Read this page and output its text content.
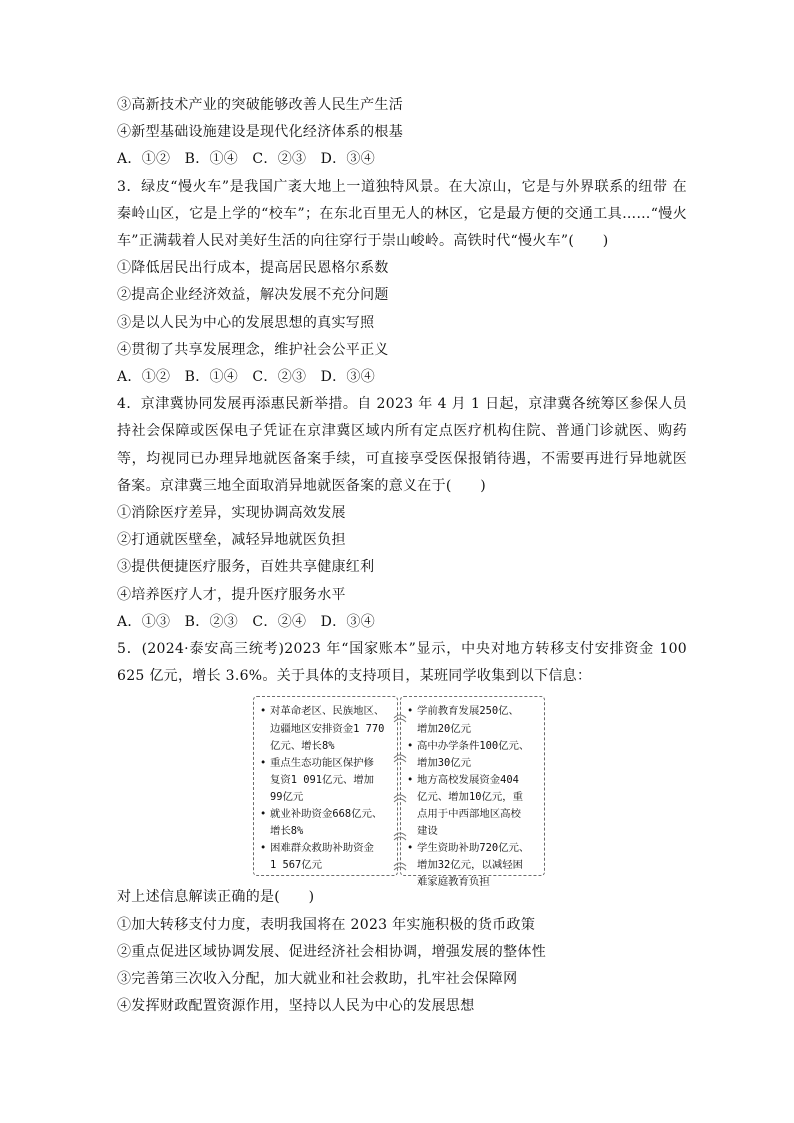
③高新技术产业的突破能够改善人民生产生活
④新型基础设施建设是现代化经济体系的根基
A．①②　B．①④　C．②③　D．③④
3．绿皮“慢火车”是我国广袤大地上一道独特风景。在大凉山，它是与外界联系的纽带 在秦岭山区，它是上学的“校车”；在东北百里无人的林区，它是最方便的交通工具……“慢火车”正满载着人民对美好生活的向往穿行于崇山峻岭。高铁时代“慢火车”(　　)
①降低居民出行成本，提高居民恩格尔系数
②提高企业经济效益，解决发展不充分问题
③是以人民为中心的发展思想的真实写照
④贯彻了共享发展理念，维护社会公平正义
A．①②　B．①④　C．②③　D．③④
4．京津冀协同发展再添惠民新举措。自 2023 年 4 月 1 日起，京津冀各统筹区参保人员持社会保障或医保电子凭证在京津冀区域内所有定点医疗机构住院、普通门诊就医、购药等，均视同已办理异地就医备案手续，可直接享受医保报销待遇，不需要再进行异地就医备案。京津冀三地全面取消异地就医备案的意义在于(　　)
①消除医疗差异，实现协调高效发展
②打通就医壁垒，减轻异地就医负担
③提供便捷医疗服务，百姓共享健康红利
④培养医疗人才，提升医疗服务水平
A．①③　B．②③　C．②④　D．③④
5．(2024·泰安高三统考)2023 年“国家账本”显示，中央对地方转移支付安排资金 100 625 亿元，增长 3.6%。关于具体的支持项目，某班同学收集到以下信息：
• 对革命老区、民族地区、
边疆地区安排资金1 770
亿元、增长8%
• 重点生态功能区保护修
复资1 091亿元、增加
99亿元
• 就业补助资金668亿元、
增长8%
• 困难群众救助补助资金
1 567亿元
• 学前教育发展250亿、
增加20亿元
• 高中办学条件100亿元、
增加30亿元
• 地方高校发展资金404
亿元、增加10亿元，重
点用于中西部地区高校
建设
• 学生资助补助720亿元、
增加32亿元，以减轻困
难家庭教育负担
对上述信息解读正确的是(　　)
①加大转移支付力度，表明我国将在 2023 年实施积极的货币政策
②重点促进区域协调发展、促进经济社会相协调，增强发展的整体性
③完善第三次收入分配，加大就业和社会救助，扎牢社会保障网
④发挥财政配置资源作用，坚持以人民为中心的发展思想
